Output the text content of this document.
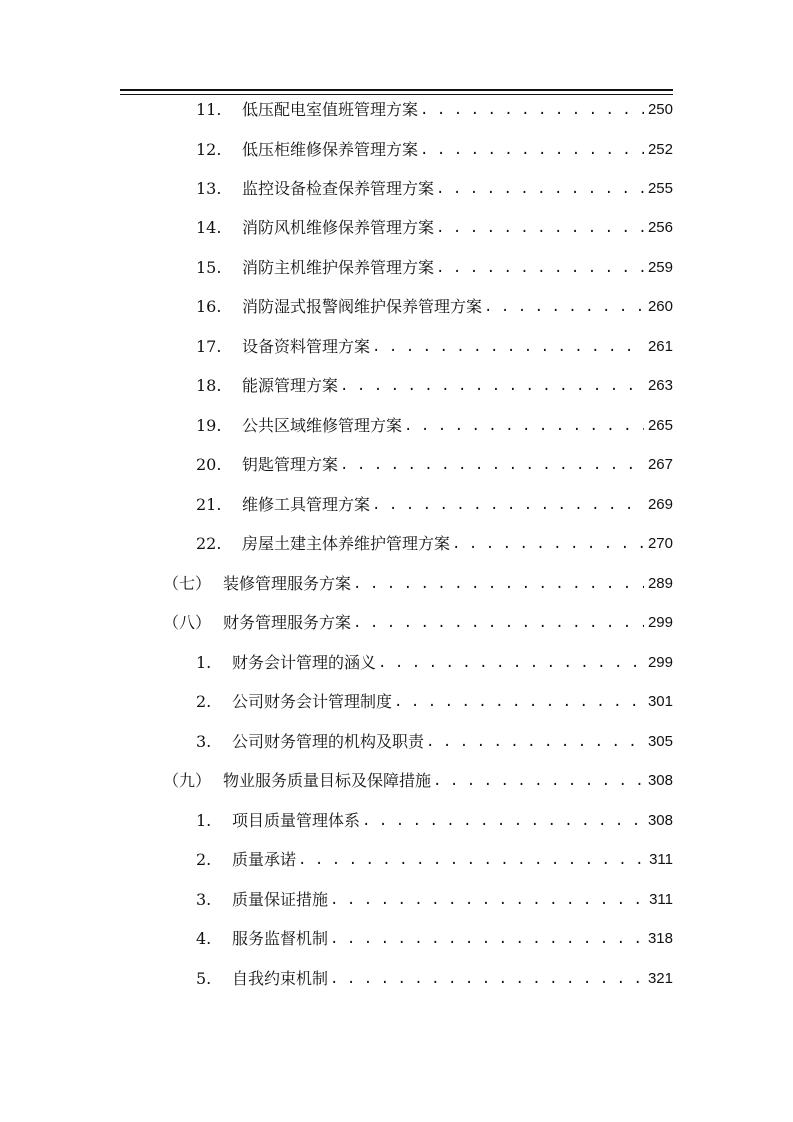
11.	低压配电室值班管理方案 . . .	250
12.	低压柜维修保养管理方案 . . .	252
13.	监控设备检查保养管理方案 . . .	255
14.	消防风机维修保养管理方案 . . .	256
15.	消防主机维护保养管理方案 . . .	259
16.	消防湿式报警阀维护保养管理方案 . . .	260
17.	设备资料管理方案 . . .	261
18.	能源管理方案 . . .	263
19.	公共区域维修管理方案 . . .	265
20.	钥匙管理方案 . . .	267
21.	维修工具管理方案 . . .	269
22.	房屋土建主体养维护管理方案 . . .	270
（七） 装修管理服务方案 . . .	289
（八） 财务管理服务方案 . . .	299
1.	财务会计管理的涵义 . . .	299
2.	公司财务会计管理制度 . . .	301
3.	公司财务管理的机构及职责 . . .	305
（九） 物业服务质量目标及保障措施 . . .	308
1.	项目质量管理体系 . . .	308
2.	质量承诺 . . .	311
3.	质量保证措施 . . .	311
4.	服务监督机制 . . .	318
5.	自我约束机制 . . .	321
